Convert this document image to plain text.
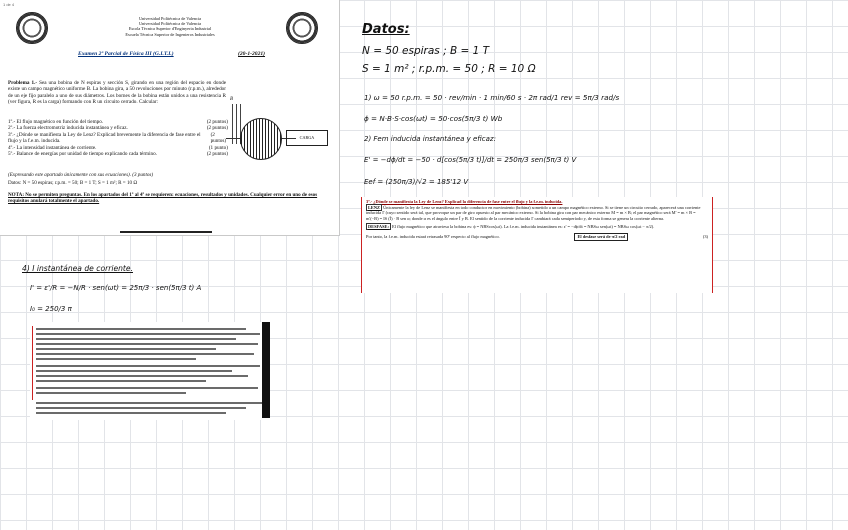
1 de 4
Universidad Politécnica de Valencia
Universidad Politécnica de Valencia
Escola Tècnica Superior d'Enginyeria Industrial
Escuela Técnica Superior de Ingenieros Industriales
Examen 2º Parcial de Física III (G.I.T.I.)	(20-1-2021)
Problema 1.- Sea una bobina de N espiras y sección S, girando en una región del espacio en donde existe un campo magnético uniforme B. La bobina gira, a 50 revoluciones por minuto (r.p.m.), alrededor de un eje fijo paralelo a uno de sus diámetros. Los bornes de la bobina están unidos a una resistencia R (ver figura, R es la carga) formando con R un circuito cerrado. Calcular:
1º.- El flujo magnético en función del tiempo.	(2 puntos)
2º.- La fuerza electromotriz inducida instantánea y eficaz.	(2 puntos)
3º.- ¿Dónde se manifiesta la Ley de Lenz? Explicad brevemente la diferencia de fase entre el flujo y la f.e.m. inducida.
(2 puntos)
4º.- La intensidad instantánea de corriente.	(1 punto)
5º.- Balance de energías por unidad de tiempo explicando cada término.	(2 puntos)
(Expresando este apartado únicamente con sus ecuaciones). (3 puntos)
Datos: N = 50 espiras; r.p.m. = 50; B = 1 T; S = 1 m²; R = 10 Ω
NOTA: No se permiten preguntas. En los apartados del 1º al 4º se requieren: ecuaciones, resultados y unidades. Cualquier error en uno de esos requisitos anulará totalmente el apartado.
B
CARGA
Datos:
N = 50 espiras ; B = 1 T
S = 1 m² ; r.p.m. = 50 ; R = 10 Ω
1) ω = 50 r.p.m. = 50 · rev/min · 1 min/60 s · 2π rad/1 rev = 5π/3 rad/s
ϕ = N·B·S·cos(ωt) = 50·cos(5π/3 t) Wb
2) Fem inducida instantánea y eficaz:
E' = −dϕ/dt = −50 · d[cos(5π/3 t)]/dt = 250π/3 sen(5π/3 t) V
Eef = (250π/3)/√2 = 185'12 V
3º.- ¿Dónde se manifiesta la Ley de Lenz? Explicad la diferencia de fase entre el flujo y la f.e.m. inducida.
LENZ Únicamente la ley de Lenz se manifiesta en todo conductor en movimiento (bobina) sometido a un campo magnético externo. Si se tiene un circuito cerrado, aparecerá una corriente inducida I' (cuyo sentido será tal, que provoque un par de giro opuesto al par mecánico externo. Si la bobina gira con par mecánico externo M = m × B; el par magnético será M' = m × B = m'(−B) = IS (Ī) · B sen α; donde α es el ángulo entre Ī y B. El sentido de la corriente inducida I' cambiará cada semiperíodo y, de esta forma se genera la corriente alterna.
DESFASE: El flujo magnético que atraviesa la bobina es: ϕ = NBScos(ωt). La f.e.m. inducida instantánea es: ε' = −dϕ/dt = NBSω sen(ωt) = NBSω cos(ωt − π/2).
Por tanto, la f.e.m. inducida estará retrasada 90º respecto al flujo magnético.	El desfase será de π/2 rad	(3)
4) I instantánea de corriente.
I' = ε'/R = −N/R · sen(ωt) = 25π/3 · sen(5π/3 t) A
I₀ = 250/3 π
